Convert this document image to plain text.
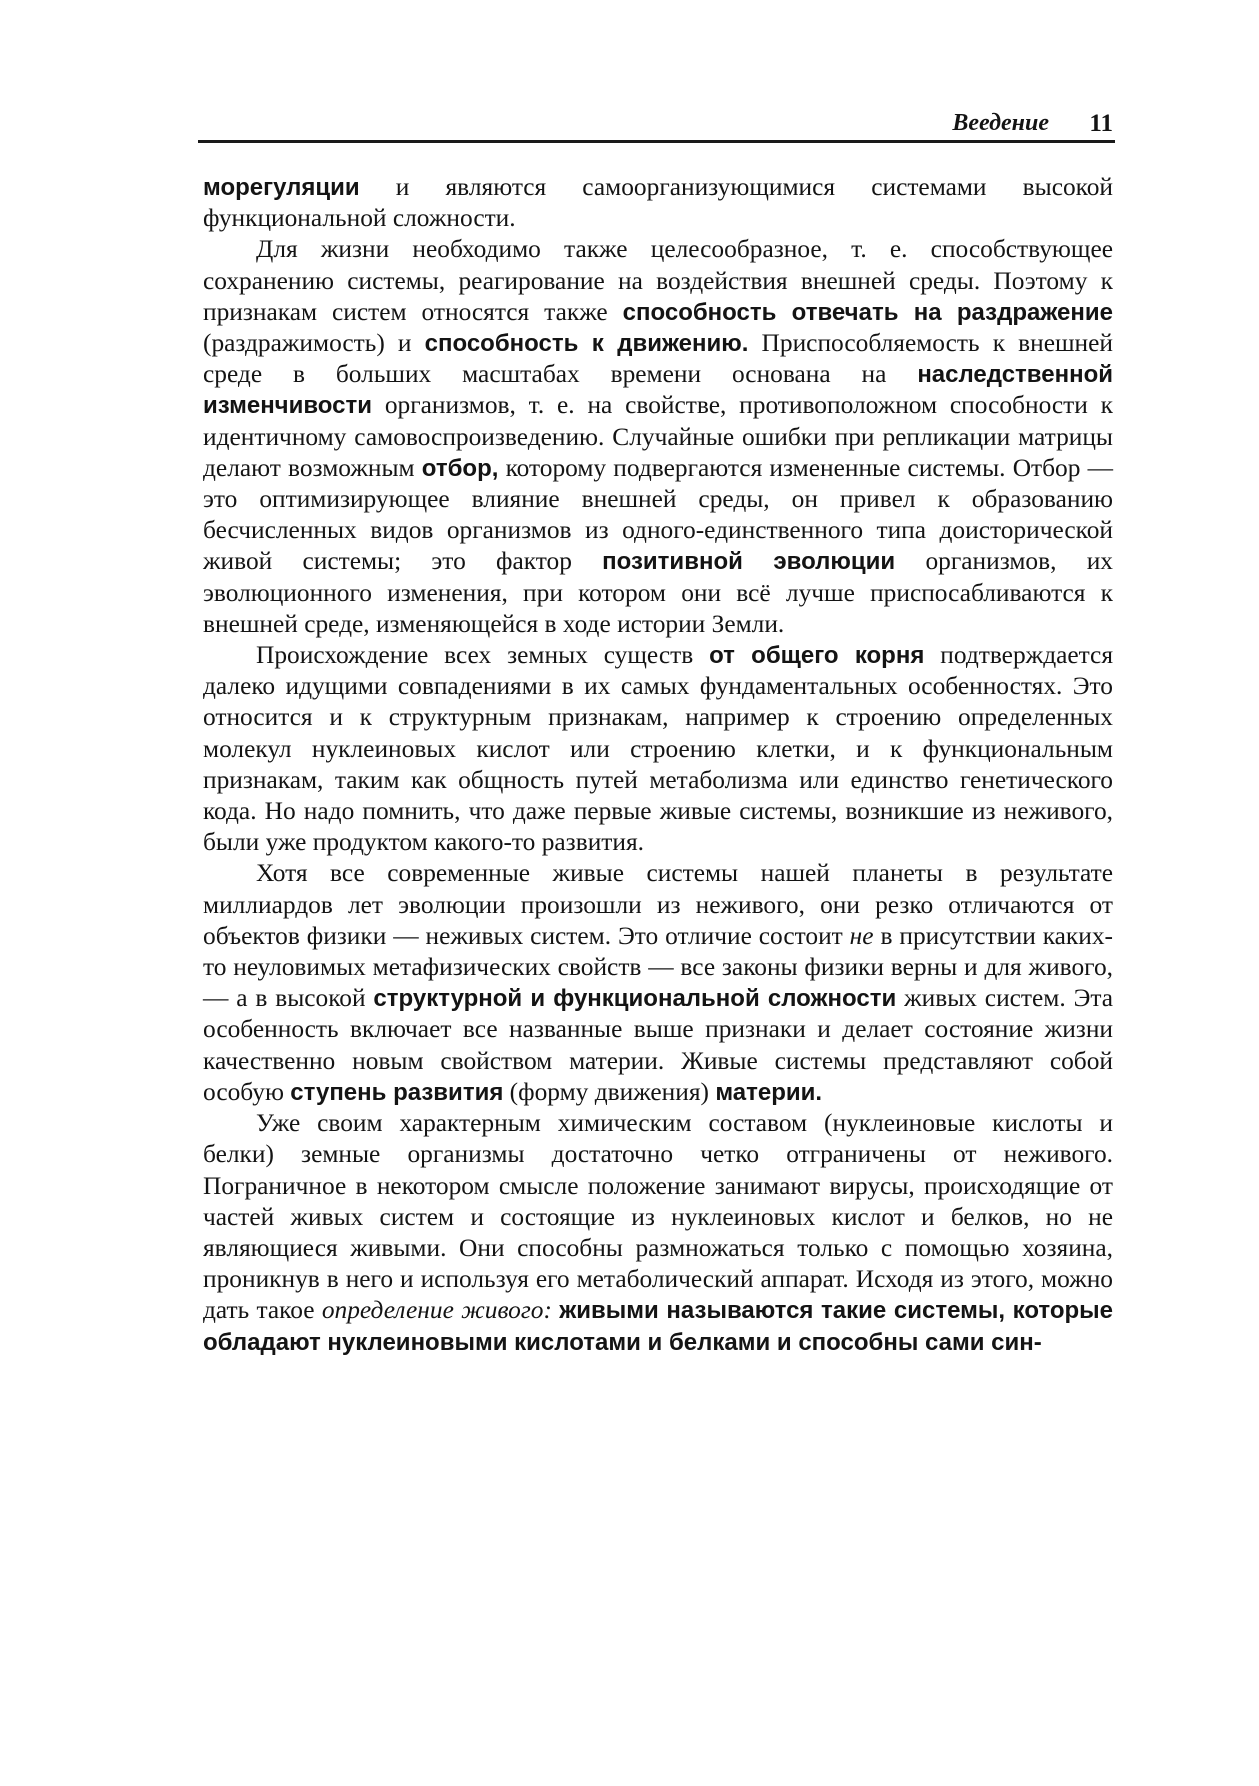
Веедение 11

морегуляции и являются самоорганизующимися системами высокой функциональной сложности.

Для жизни необходимо также целесообразное, т. е. способствующее сохранению системы, реагирование на воздействия внешней среды. Поэтому к признакам систем относятся также способность отвечать на раздражение (раздражимость) и способность к движению. Приспособляемость к внешней среде в больших масштабах времени основана на наследственной изменчивости организмов, т. е. на свойстве, противоположном способности к идентичному самовоспроизведению. Случайные ошибки при репликации матрицы делают возможным отбор, которому подвергаются измененные системы. Отбор — это оптимизирующее влияние внешней среды, он привел к образованию бесчисленных видов организмов из одного-единственного типа доисторической живой системы; это фактор позитивной эволюции организмов, их эволюционного изменения, при котором они всё лучше приспосабливаются к внешней среде, изменяющейся в ходе истории Земли.

Происхождение всех земных существ от общего корня подтверждается далеко идущими совпадениями в их самых фундаментальных особенностях. Это относится и к структурным признакам, например к строению определенных молекул нуклеиновых кислот или строению клетки, и к функциональным признакам, таким как общность путей метаболизма или единство генетического кода. Но надо помнить, что даже первые живые системы, возникшие из неживого, были уже продуктом какого-то развития.

Хотя все современные живые системы нашей планеты в результате миллиардов лет эволюции произошли из неживого, они резко отличаются от объектов физики — неживых систем. Это отличие состоит не в присутствии каких-то неуловимых метафизических свойств — все законы физики верны и для живого, — а в высокой структурной и функциональной сложности живых систем. Эта особенность включает все названные выше признаки и делает состояние жизни качественно новым свойством материи. Живые системы представляют собой особую ступень развития (форму движения) материи.

Уже своим характерным химическим составом (нуклеиновые кислоты и белки) земные организмы достаточно четко отграничены от неживого. Пограничное в некотором смысле положение занимают вирусы, происходящие от частей живых систем и состоящие из нуклеиновых кислот и белков, но не являющиеся живыми. Они способны размножаться только с помощью хозяина, проникнув в него и используя его метаболический аппарат. Исходя из этого, можно дать такое определение живого: живыми называются такие системы, которые обладают нуклеиновыми кислотами и белками и способны сами син-
